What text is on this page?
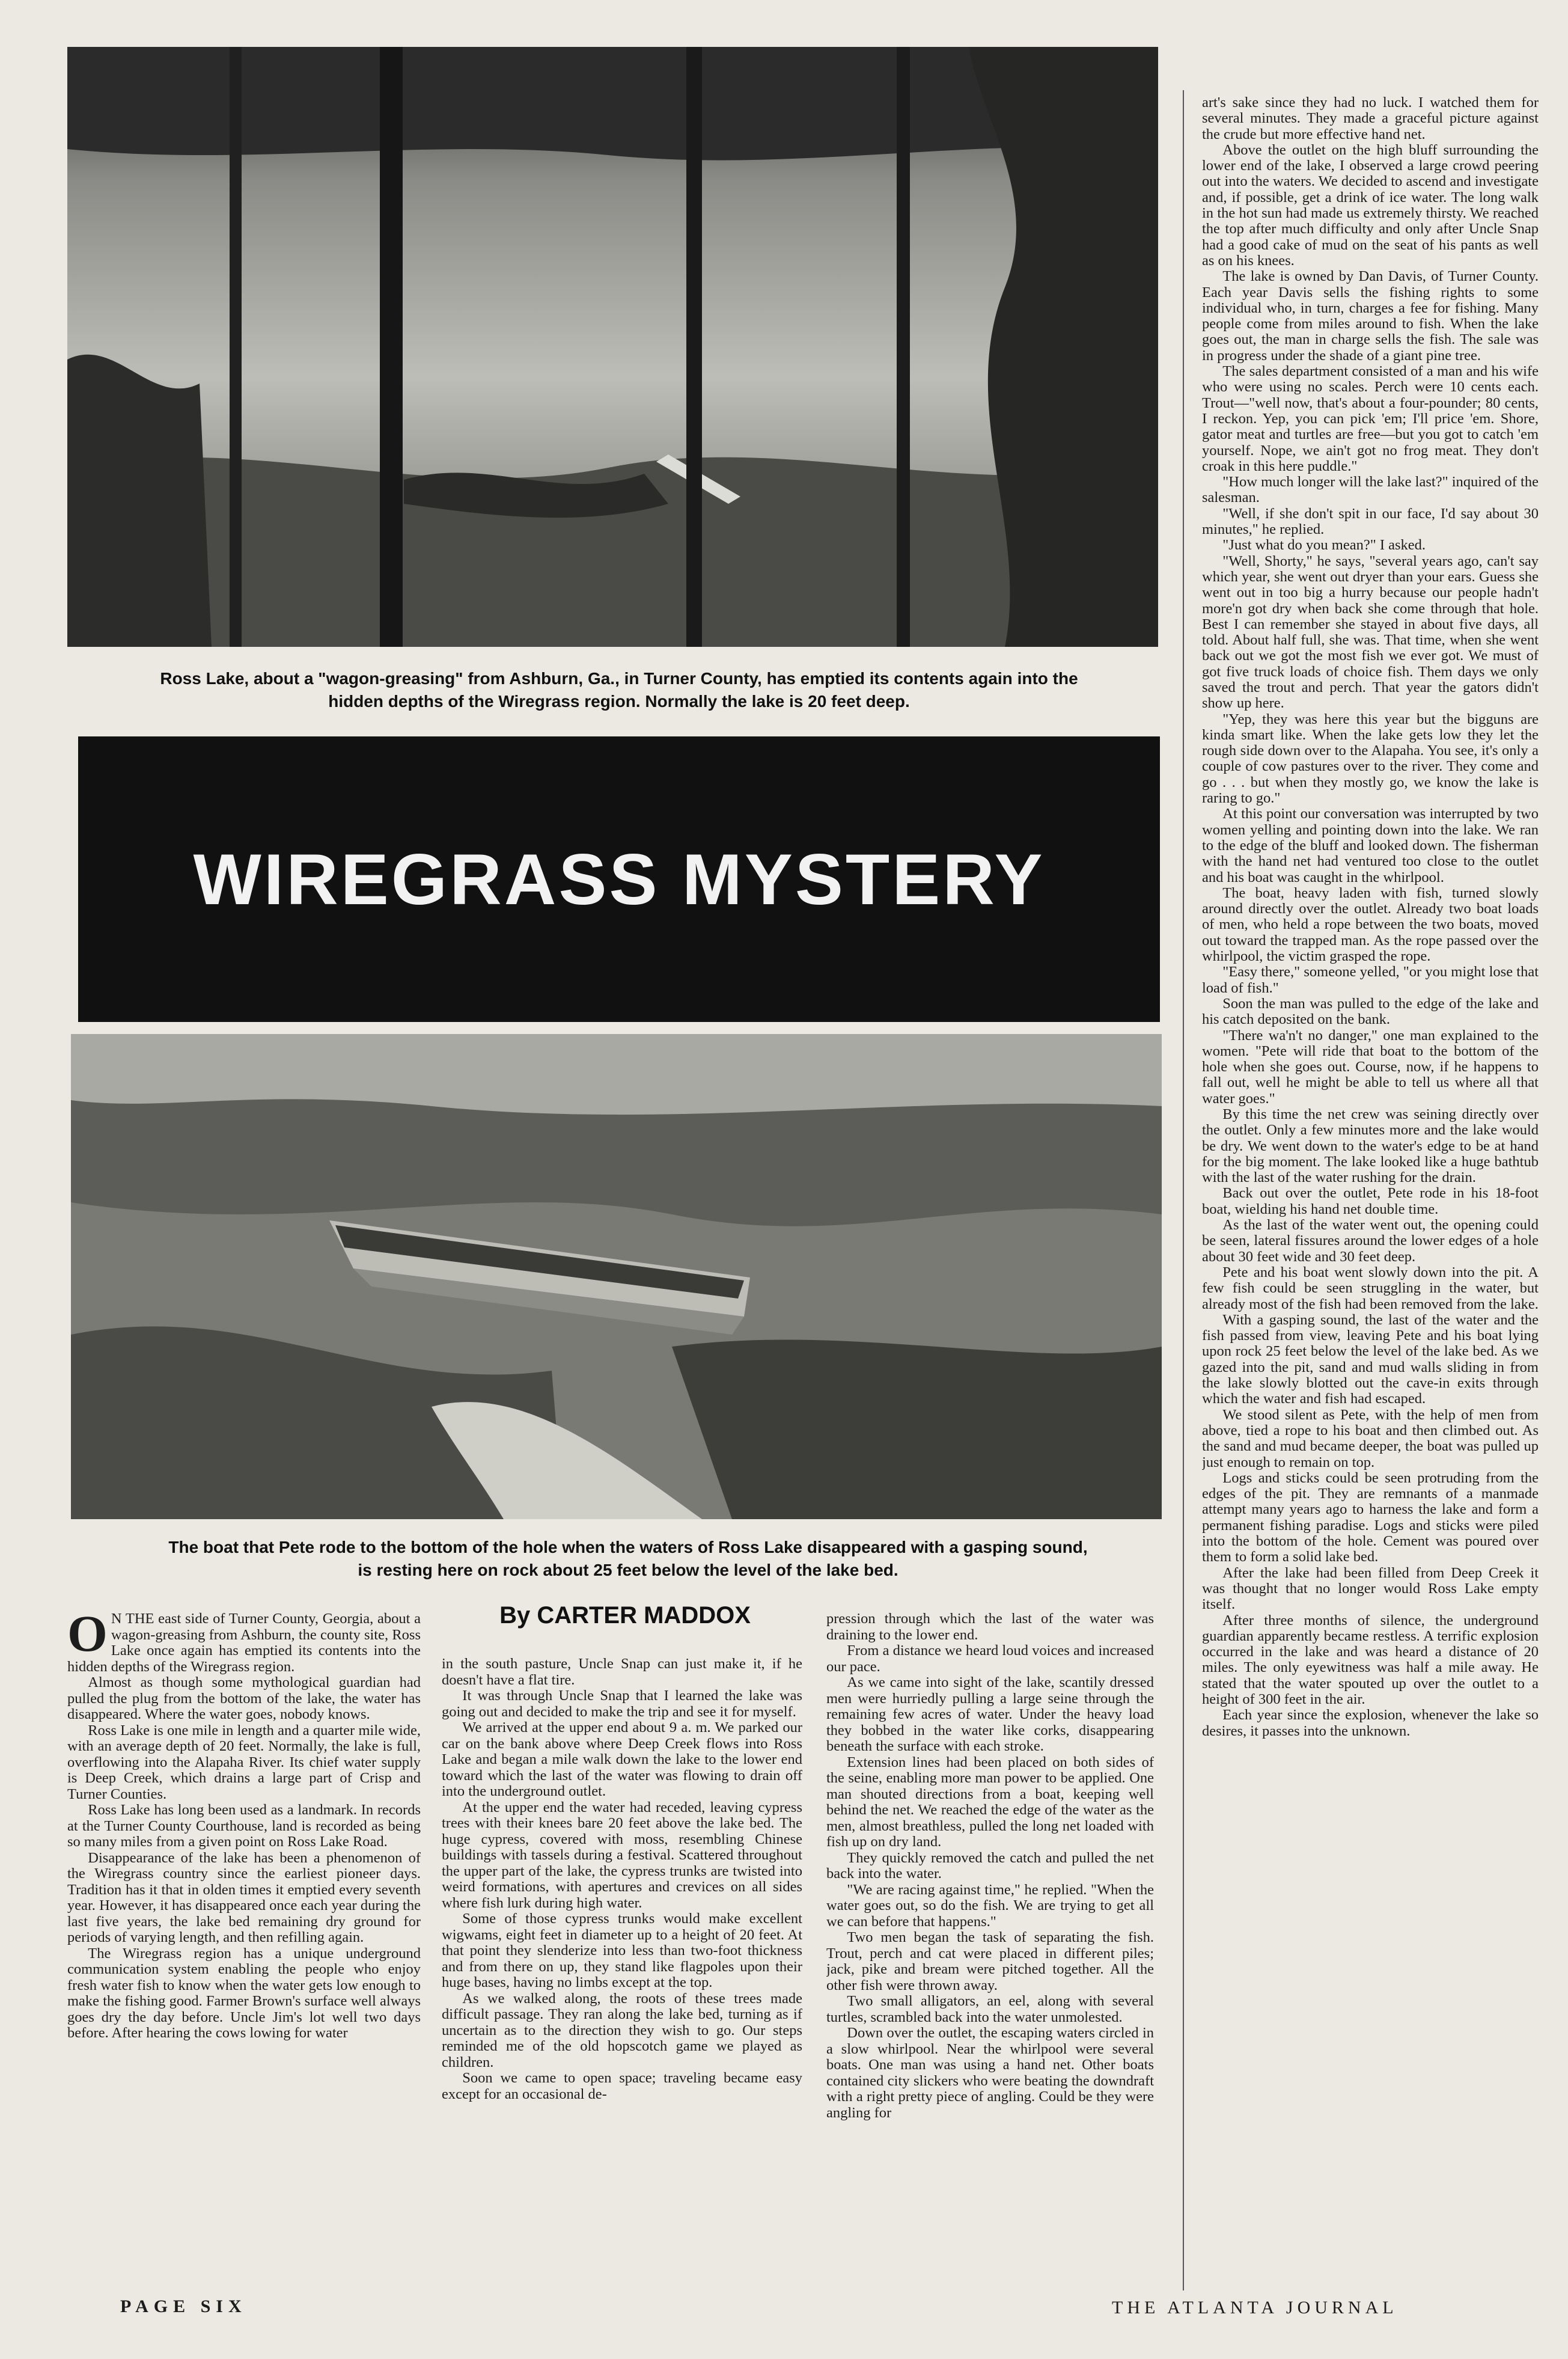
Ross Lake, about a "wagon-greasing" from Ashburn, Ga., in Turner County, has emptied its contents again into the hidden depths of the Wiregrass region. Normally the lake is 20 feet deep.
WIREGRASS MYSTERY
The boat that Pete rode to the bottom of the hole when the waters of Ross Lake disappeared with a gasping sound, is resting here on rock about 25 feet below the level of the lake bed.
By CARTER MADDOX

O N THE east side of Turner County, Georgia, about a wagon-greasing from Ashburn, the county site, Ross Lake once again has emptied its contents into the hidden depths of the Wiregrass region.

Almost as though some mythological guardian had pulled the plug from the bottom of the lake, the water has disappeared. Where the water goes, nobody knows.

Ross Lake is one mile in length and a quarter mile wide, with an average depth of 20 feet. Normally, the lake is full, overflowing into the Alapaha River. Its chief water supply is Deep Creek, which drains a large part of Crisp and Turner Counties.

Ross Lake has long been used as a landmark. In records at the Turner County Courthouse, land is recorded as being so many miles from a given point on Ross Lake Road.

Disappearance of the lake has been a phenomenon of the Wiregrass country since the earliest pioneer days. Tradition has it that in olden times it emptied every seventh year. However, it has disappeared once each year during the last five years, the lake bed remaining dry ground for periods of varying length, and then refilling again.

The Wiregrass region has a unique underground communication system enabling the people who enjoy fresh water fish to know when the water gets low enough to make the fishing good. Farmer Brown's surface well always goes dry the day before. Uncle Jim's lot well two days before. After hearing the cows lowing for water

in the south pasture, Uncle Snap can just make it, if he doesn't have a flat tire.

It was through Uncle Snap that I learned the lake was going out and decided to make the trip and see it for myself.

We arrived at the upper end about 9 a. m. We parked our car on the bank above where Deep Creek flows into Ross Lake and began a mile walk down the lake to the lower end toward which the last of the water was flowing to drain off into the underground outlet.

At the upper end the water had receded, leaving cypress trees with their knees bare 20 feet above the lake bed. The huge cypress, covered with moss, resembling Chinese buildings with tassels during a festival. Scattered throughout the upper part of the lake, the cypress trunks are twisted into weird formations, with apertures and crevices on all sides where fish lurk during high water.

Some of those cypress trunks would make excellent wigwams, eight feet in diameter up to a height of 20 feet. At that point they slenderize into less than two-foot thickness and from there on up, they stand like flagpoles upon their huge bases, having no limbs except at the top.

As we walked along, the roots of these trees made difficult passage. They ran along the lake bed, turning as if uncertain as to the direction they wish to go. Our steps reminded me of the old hopscotch game we played as children.

Soon we came to open space; traveling became easy except for an occasional de-

pression through which the last of the water was draining to the lower end.

From a distance we heard loud voices and increased our pace.

As we came into sight of the lake, scantily dressed men were hurriedly pulling a large seine through the remaining few acres of water. Under the heavy load they bobbed in the water like corks, disappearing beneath the surface with each stroke.

Extension lines had been placed on both sides of the seine, enabling more man power to be applied. One man shouted directions from a boat, keeping well behind the net. We reached the edge of the water as the men, almost breathless, pulled the long net loaded with fish up on dry land.

They quickly removed the catch and pulled the net back into the water.

"We are racing against time," he replied. "When the water goes out, so do the fish. We are trying to get all we can before that happens."

Two men began the task of separating the fish. Trout, perch and cat were placed in different piles; jack, pike and bream were pitched together. All the other fish were thrown away.

Two small alligators, an eel, along with several turtles, scrambled back into the water unmolested.

Down over the outlet, the escaping waters circled in a slow whirlpool. Near the whirlpool were several boats. One man was using a hand net. Other boats contained city slickers who were beating the downdraft with a right pretty piece of angling. Could be they were angling for

art's sake since they had no luck. I watched them for several minutes. They made a graceful picture against the crude but more effective hand net.

Above the outlet on the high bluff surrounding the lower end of the lake, I observed a large crowd peering out into the waters. We decided to ascend and investigate and, if possible, get a drink of ice water. The long walk in the hot sun had made us extremely thirsty. We reached the top after much difficulty and only after Uncle Snap had a good cake of mud on the seat of his pants as well as on his knees.

The lake is owned by Dan Davis, of Turner County. Each year Davis sells the fishing rights to some individual who, in turn, charges a fee for fishing. Many people come from miles around to fish. When the lake goes out, the man in charge sells the fish. The sale was in progress under the shade of a giant pine tree.

The sales department consisted of a man and his wife who were using no scales. Perch were 10 cents each. Trout—"well now, that's about a four-pounder; 80 cents, I reckon. Yep, you can pick 'em; I'll price 'em. Shore, gator meat and turtles are free—but you got to catch 'em yourself. Nope, we ain't got no frog meat. They don't croak in this here puddle."

"How much longer will the lake last?" inquired of the salesman.

"Well, if she don't spit in our face, I'd say about 30 minutes," he replied.

"Just what do you mean?" I asked.

"Well, Shorty," he says, "several years ago, can't say which year, she went out dryer than your ears. Guess she went out in too big a hurry because our people hadn't more'n got dry when back she come through that hole. Best I can remember she stayed in about five days, all told. About half full, she was. That time, when she went back out we got the most fish we ever got. We must of got five truck loads of choice fish. Them days we only saved the trout and perch. That year the gators didn't show up here.

"Yep, they was here this year but the bigguns are kinda smart like. When the lake gets low they let the rough side down over to the Alapaha. You see, it's only a couple of cow pastures over to the river. They come and go . . . but when they mostly go, we know the lake is raring to go."

At this point our conversation was interrupted by two women yelling and pointing down into the lake. We ran to the edge of the bluff and looked down. The fisherman with the hand net had ventured too close to the outlet and his boat was caught in the whirlpool.

The boat, heavy laden with fish, turned slowly around directly over the outlet. Already two boat loads of men, who held a rope between the two boats, moved out toward the trapped man. As the rope passed over the whirlpool, the victim grasped the rope.

"Easy there," someone yelled, "or you might lose that load of fish."

Soon the man was pulled to the edge of the lake and his catch deposited on the bank.

"There wa'n't no danger," one man explained to the women. "Pete will ride that boat to the bottom of the hole when she goes out. Course, now, if he happens to fall out, well he might be able to tell us where all that water goes."

By this time the net crew was seining directly over the outlet. Only a few minutes more and the lake would be dry. We went down to the water's edge to be at hand for the big moment. The lake looked like a huge bathtub with the last of the water rushing for the drain.

Back out over the outlet, Pete rode in his 18-foot boat, wielding his hand net double time.

As the last of the water went out, the opening could be seen, lateral fissures around the lower edges of a hole about 30 feet wide and 30 feet deep.

Pete and his boat went slowly down into the pit. A few fish could be seen struggling in the water, but already most of the fish had been removed from the lake.

With a gasping sound, the last of the water and the fish passed from view, leaving Pete and his boat lying upon rock 25 feet below the level of the lake bed. As we gazed into the pit, sand and mud walls sliding in from the lake slowly blotted out the cave-in exits through which the water and fish had escaped.

We stood silent as Pete, with the help of men from above, tied a rope to his boat and then climbed out. As the sand and mud became deeper, the boat was pulled up just enough to remain on top.

Logs and sticks could be seen protruding from the edges of the pit. They are remnants of a manmade attempt many years ago to harness the lake and form a permanent fishing paradise. Logs and sticks were piled into the bottom of the hole. Cement was poured over them to form a solid lake bed.

After the lake had been filled from Deep Creek it was thought that no longer would Ross Lake empty itself.

After three months of silence, the underground guardian apparently became restless. A terrific explosion occurred in the lake and was heard a distance of 20 miles. The only eyewitness was half a mile away. He stated that the water spouted up over the outlet to a height of 300 feet in the air.

Each year since the explosion, whenever the lake so desires, it passes into the unknown.

PAGE SIX	THE ATLANTA JOURNAL
